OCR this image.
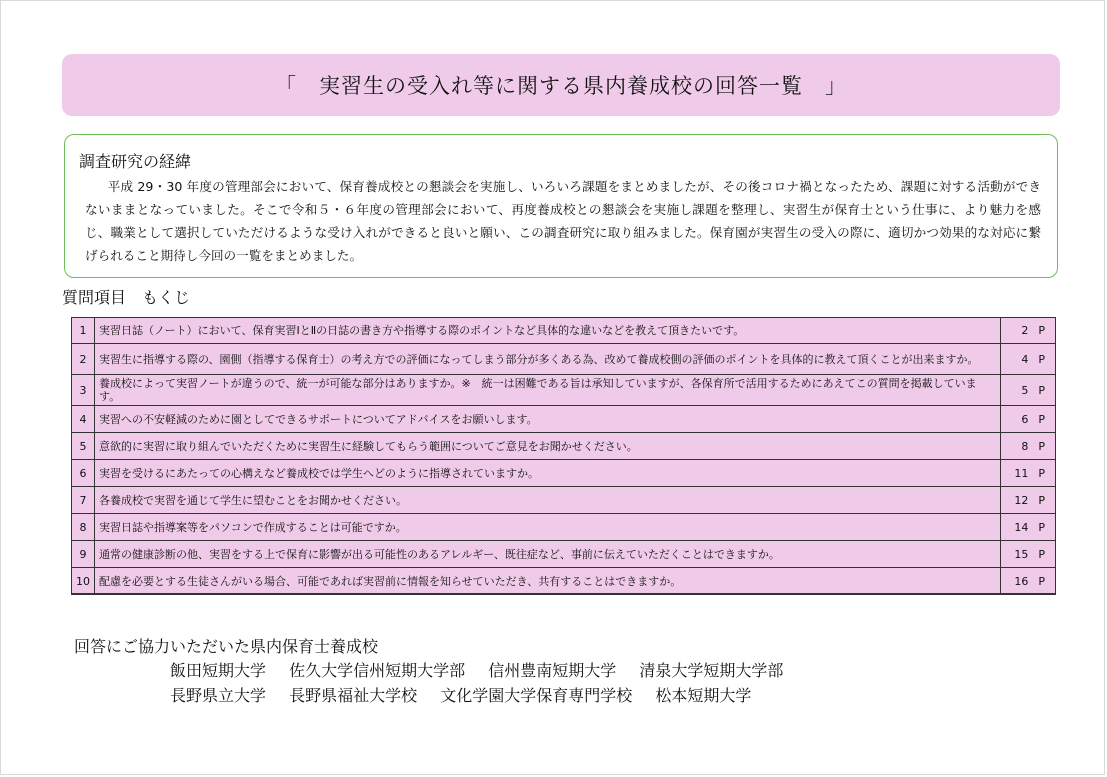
「 実習生の受入れ等に関する県内養成校の回答一覧 」
調査研究の経緯
平成 29・30 年度の管理部会において、保育養成校との懇談会を実施し、いろいろ課題をまとめましたが、その後コロナ禍となったため、課題に対する活動ができないままとなっていました。そこで令和５・６年度の管理部会において、再度養成校との懇談会を実施し課題を整理し、実習生が保育士という仕事に、より魅力を感じ、職業として選択していただけるような受け入れができると良いと願い、この調査研究に取り組みました。保育園が実習生の受入の際に、適切かつ効果的な対応に繋げられること期待し今回の一覧をまとめました。
質問項目　もくじ
1	実習日誌（ノート）において、保育実習ⅠとⅡの日誌の書き方や指導する際のポイントなど具体的な違いなどを教えて頂きたいです。	2 P
2	実習生に指導する際の、園側（指導する保育士）の考え方での評価になってしまう部分が多くある為、改めて養成校側の評価のポイントを具体的に教えて頂くことが出来ますか。	4 P
3	養成校によって実習ノートが違うので、統一が可能な部分はありますか。※　統一は困難である旨は承知していますが、各保育所で活用するためにあえてこの質問を掲載しています。	5 P
4	実習への不安軽減のために園としてできるサポートについてアドバイスをお願いします。	6 P
5	意欲的に実習に取り組んでいただくために実習生に経験してもらう範囲についてご意見をお聞かせください。	8 P
6	実習を受けるにあたっての心構えなど養成校では学生へどのように指導されていますか。	11 P
7	各養成校で実習を通じて学生に望むことをお聞かせください。	12 P
8	実習日誌や指導案等をパソコンで作成することは可能ですか。	14 P
9	通常の健康診断の他、実習をする上で保育に影響が出る可能性のあるアレルギー、既往症など、事前に伝えていただくことはできますか。	15 P
10	配慮を必要とする生徒さんがいる場合、可能であれば実習前に情報を知らせていただき、共有することはできますか。	16 P
回答にご協力いただいた県内保育士養成校
飯田短期大学 佐久大学信州短期大学部 信州豊南短期大学 清泉大学短期大学部
長野県立大学 長野県福祉大学校 文化学園大学保育専門学校 松本短期大学
